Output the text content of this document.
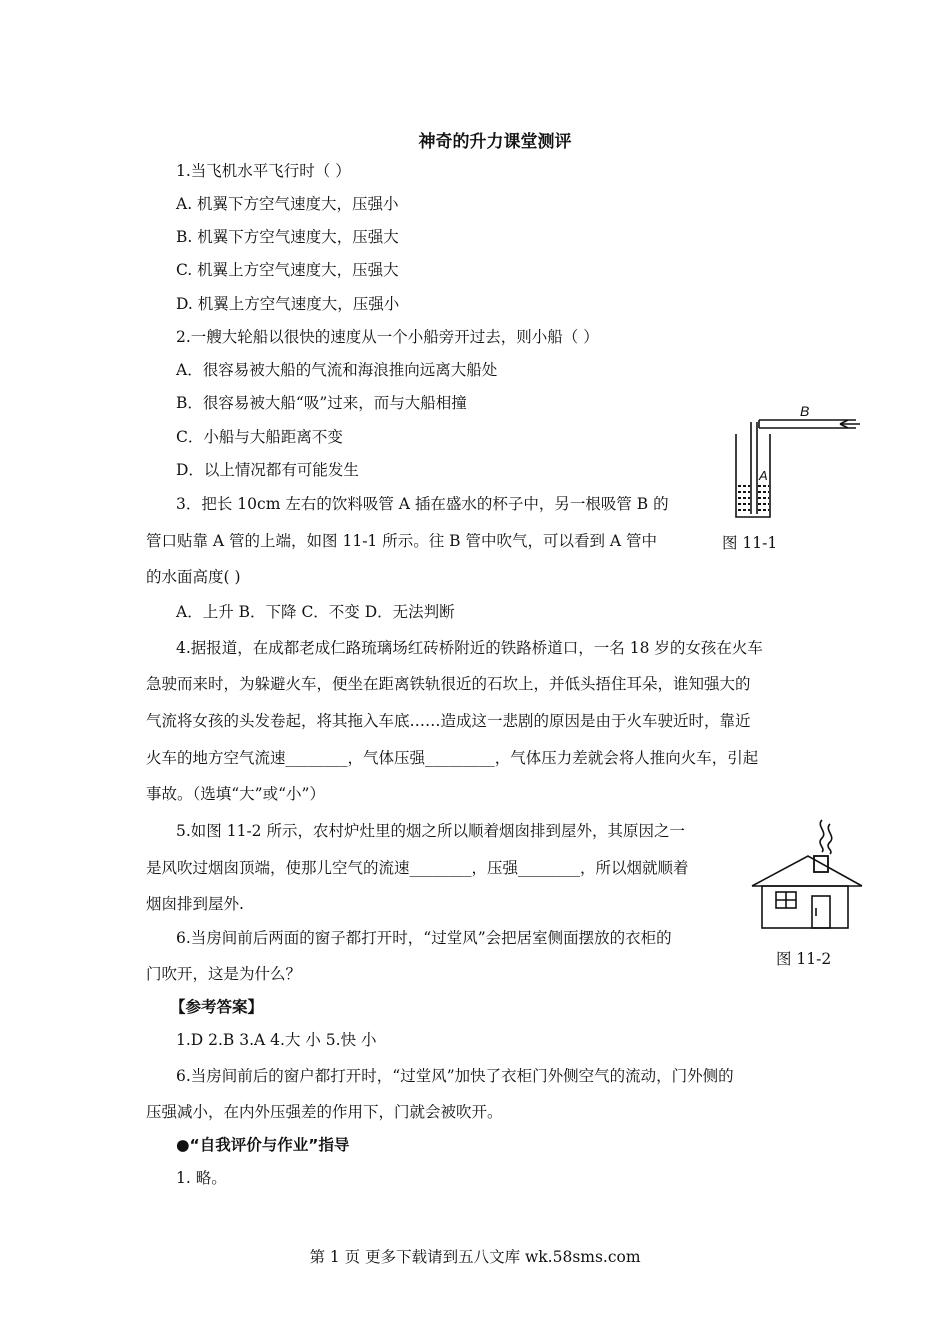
神奇的升力课堂测评
1.当飞机水平飞行时（ ）
A. 机翼下方空气速度大，压强小
B. 机翼下方空气速度大，压强大
C. 机翼上方空气速度大，压强大
D. 机翼上方空气速度大，压强小
2.一艘大轮船以很快的速度从一个小船旁开过去，则小船（ ）
A．很容易被大船的气流和海浪推向远离大船处
B．很容易被大船“吸”过来，而与大船相撞
C．小船与大船距离不变
D．以上情况都有可能发生
3．把长 10cm 左右的饮料吸管 A 插在盛水的杯子中，另一根吸管 B 的
管口贴靠 A 管的上端，如图 11-1 所示。往 B 管中吹气，可以看到 A 管中
的水面高度( )
A．上升 B．下降 C．不变 D．无法判断
A
B
图 11-1
4.据报道，在成都老成仁路琉璃场红砖桥附近的铁路桥道口，一名 18 岁的女孩在火车
急驶而来时，为躲避火车，便坐在距离铁轨很近的石坎上，并低头捂住耳朵，谁知强大的
气流将女孩的头发卷起，将其拖入车底……造成这一悲剧的原因是由于火车驶近时，靠近
火车的地方空气流速________，气体压强_________，气体压力差就会将人推向火车，引起
事故。（选填“大”或“小”）
5.如图 11-2 所示，农村炉灶里的烟之所以顺着烟囱排到屋外，其原因之一
是风吹过烟囱顶端，使那儿空气的流速________，压强________，所以烟就顺着
烟囱排到屋外.
图 11-2
6.当房间前后两面的窗子都打开时，“过堂风”会把居室侧面摆放的衣柜的
门吹开，这是为什么？
【参考答案】
1.D 2.B 3.A 4.大 小 5.快 小
6.当房间前后的窗户都打开时，“过堂风”加快了衣柜门外侧空气的流动，门外侧的
压强减小，在内外压强差的作用下，门就会被吹开。
●“自我评价与作业”指导
1. 略。
第 1 页 更多下载请到五八文库 wk.58sms.com
